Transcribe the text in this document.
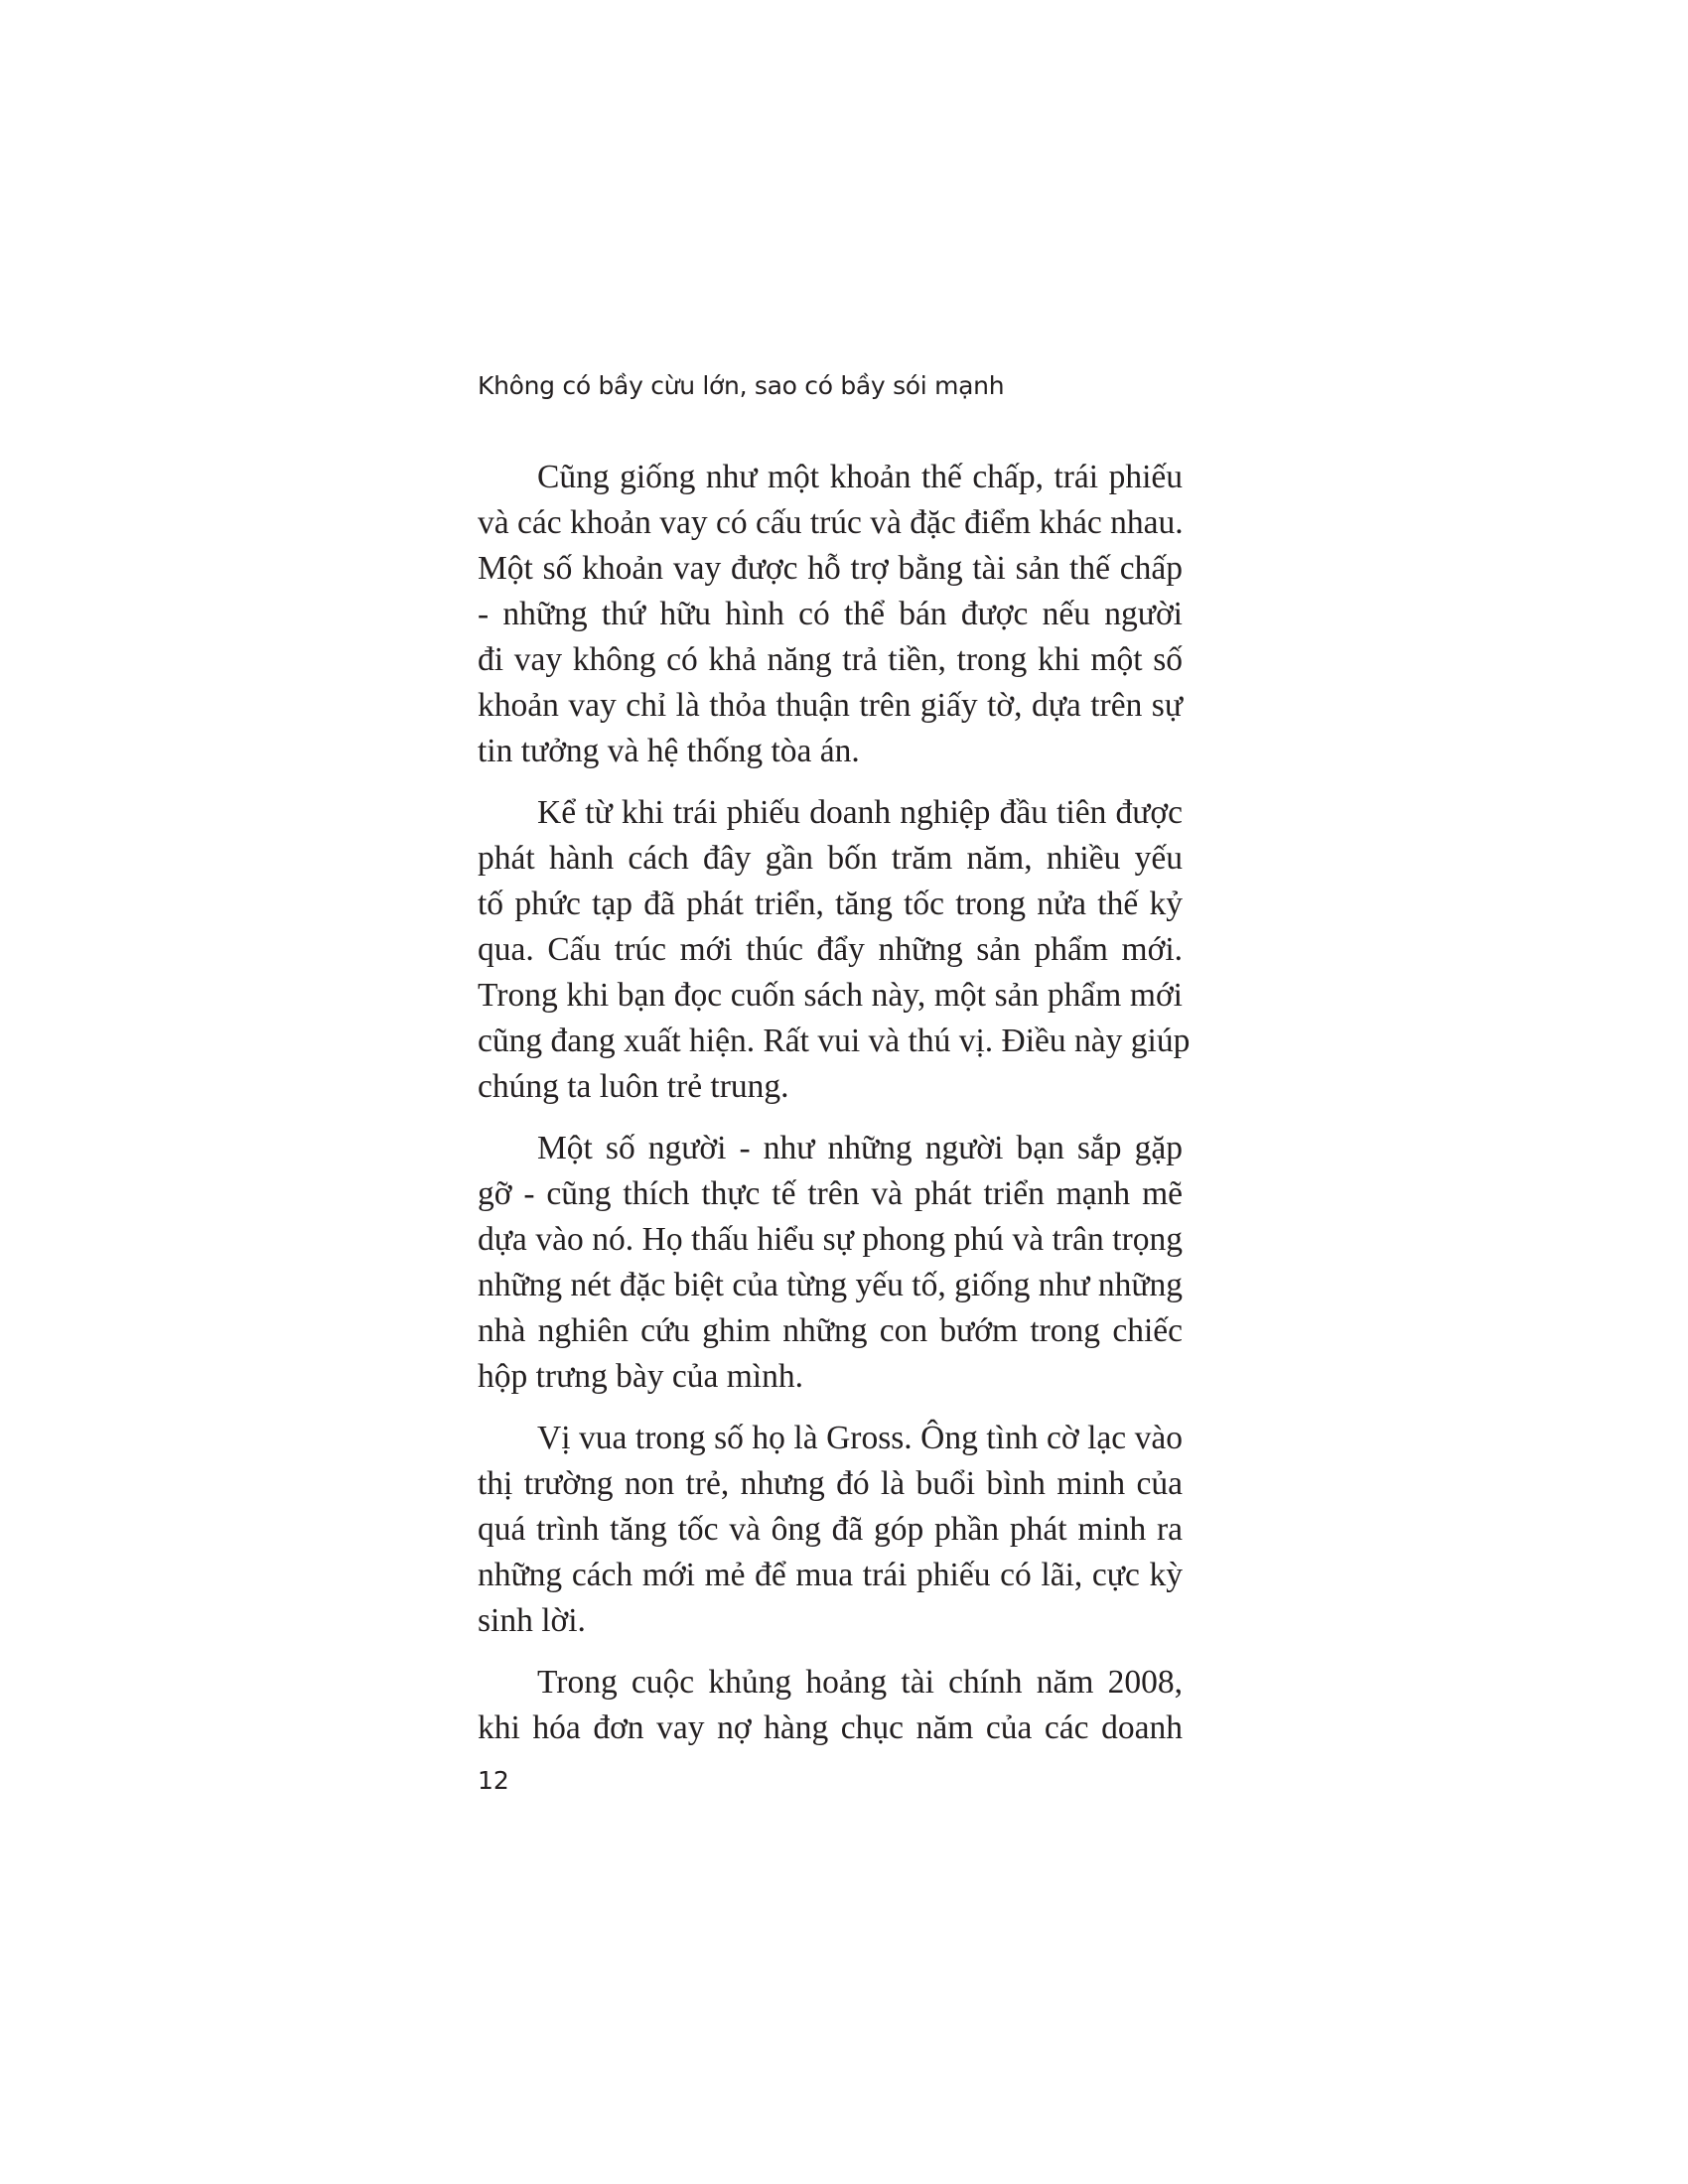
Không có bầy cừu lớn, sao có bầy sói mạnh

Cũng giống như một khoản thế chấp, trái phiếu
và các khoản vay có cấu trúc và đặc điểm khác nhau.
Một số khoản vay được hỗ trợ bằng tài sản thế chấp
- những thứ hữu hình có thể bán được nếu người
đi vay không có khả năng trả tiền, trong khi một số
khoản vay chỉ là thỏa thuận trên giấy tờ, dựa trên sự
tin tưởng và hệ thống tòa án.

Kể từ khi trái phiếu doanh nghiệp đầu tiên được
phát hành cách đây gần bốn trăm năm, nhiều yếu
tố phức tạp đã phát triển, tăng tốc trong nửa thế kỷ
qua. Cấu trúc mới thúc đẩy những sản phẩm mới.
Trong khi bạn đọc cuốn sách này, một sản phẩm mới
cũng đang xuất hiện. Rất vui và thú vị. Điều này giúp
chúng ta luôn trẻ trung.

Một số người - như những người bạn sắp gặp
gỡ - cũng thích thực tế trên và phát triển mạnh mẽ
dựa vào nó. Họ thấu hiểu sự phong phú và trân trọng
những nét đặc biệt của từng yếu tố, giống như những
nhà nghiên cứu ghim những con bướm trong chiếc
hộp trưng bày của mình.

Vị vua trong số họ là Gross. Ông tình cờ lạc vào
thị trường non trẻ, nhưng đó là buổi bình minh của
quá trình tăng tốc và ông đã góp phần phát minh ra
những cách mới mẻ để mua trái phiếu có lãi, cực kỳ
sinh lời.

Trong cuộc khủng hoảng tài chính năm 2008,
khi hóa đơn vay nợ hàng chục năm của các doanh

12
